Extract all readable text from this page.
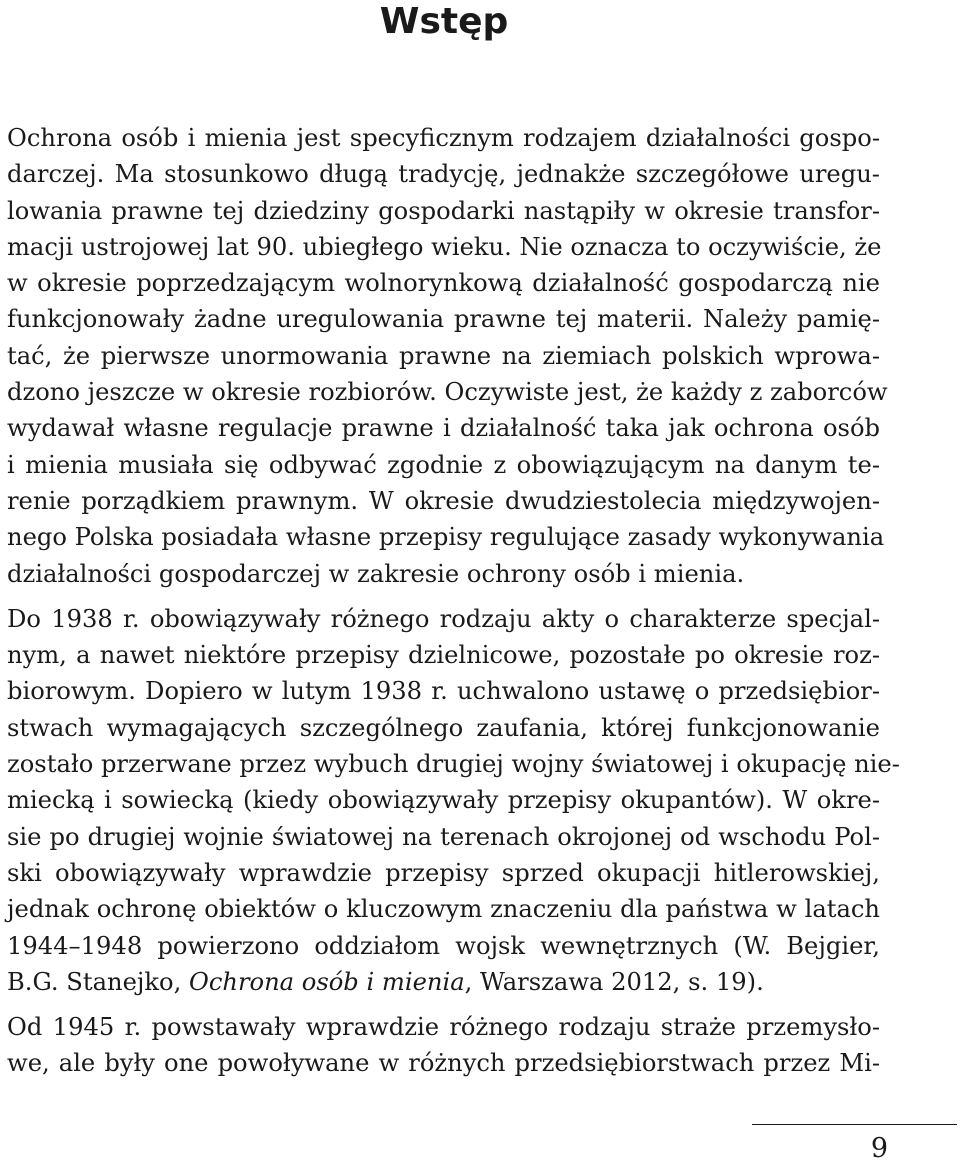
Wstęp
Ochrona osób i mienia jest specyficznym rodzajem działalności gospo-
darczej. Ma stosunkowo długą tradycję, jednakże szczegółowe uregu-
lowania prawne tej dziedziny gospodarki nastąpiły w okresie transfor-
macji ustrojowej lat 90. ubiegłego wieku. Nie oznacza to oczywiście, że
w okresie poprzedzającym wolnorynkową działalność gospodarczą nie
funkcjonowały żadne uregulowania prawne tej materii. Należy pamię-
tać, że pierwsze unormowania prawne na ziemiach polskich wprowa-
dzono jeszcze w okresie rozbiorów. Oczywiste jest, że każdy z zaborców
wydawał własne regulacje prawne i działalność taka jak ochrona osób
i mienia musiała się odbywać zgodnie z obowiązującym na danym te-
renie porządkiem prawnym. W okresie dwudziestolecia międzywojen-
nego Polska posiadała własne przepisy regulujące zasady wykonywania
działalności gospodarczej w zakresie ochrony osób i mienia.
Do 1938 r. obowiązywały różnego rodzaju akty o charakterze specjal-
nym, a nawet niektóre przepisy dzielnicowe, pozostałe po okresie roz-
biorowym. Dopiero w lutym 1938 r. uchwalono ustawę o przedsiębior-
stwach wymagających szczególnego zaufania, której funkcjonowanie
zostało przerwane przez wybuch drugiej wojny światowej i okupację nie-
miecką i sowiecką (kiedy obowiązywały przepisy okupantów). W okre-
sie po drugiej wojnie światowej na terenach okrojonej od wschodu Pol-
ski obowiązywały wprawdzie przepisy sprzed okupacji hitlerowskiej,
jednak ochronę obiektów o kluczowym znaczeniu dla państwa w latach
1944–1948 powierzono oddziałom wojsk wewnętrznych (W. Bejgier,
B.G. Stanejko, Ochrona osób i mienia, Warszawa 2012, s. 19).
Od 1945 r. powstawały wprawdzie różnego rodzaju straże przemysło-
we, ale były one powoływane w różnych przedsiębiorstwach przez Mi-
9
